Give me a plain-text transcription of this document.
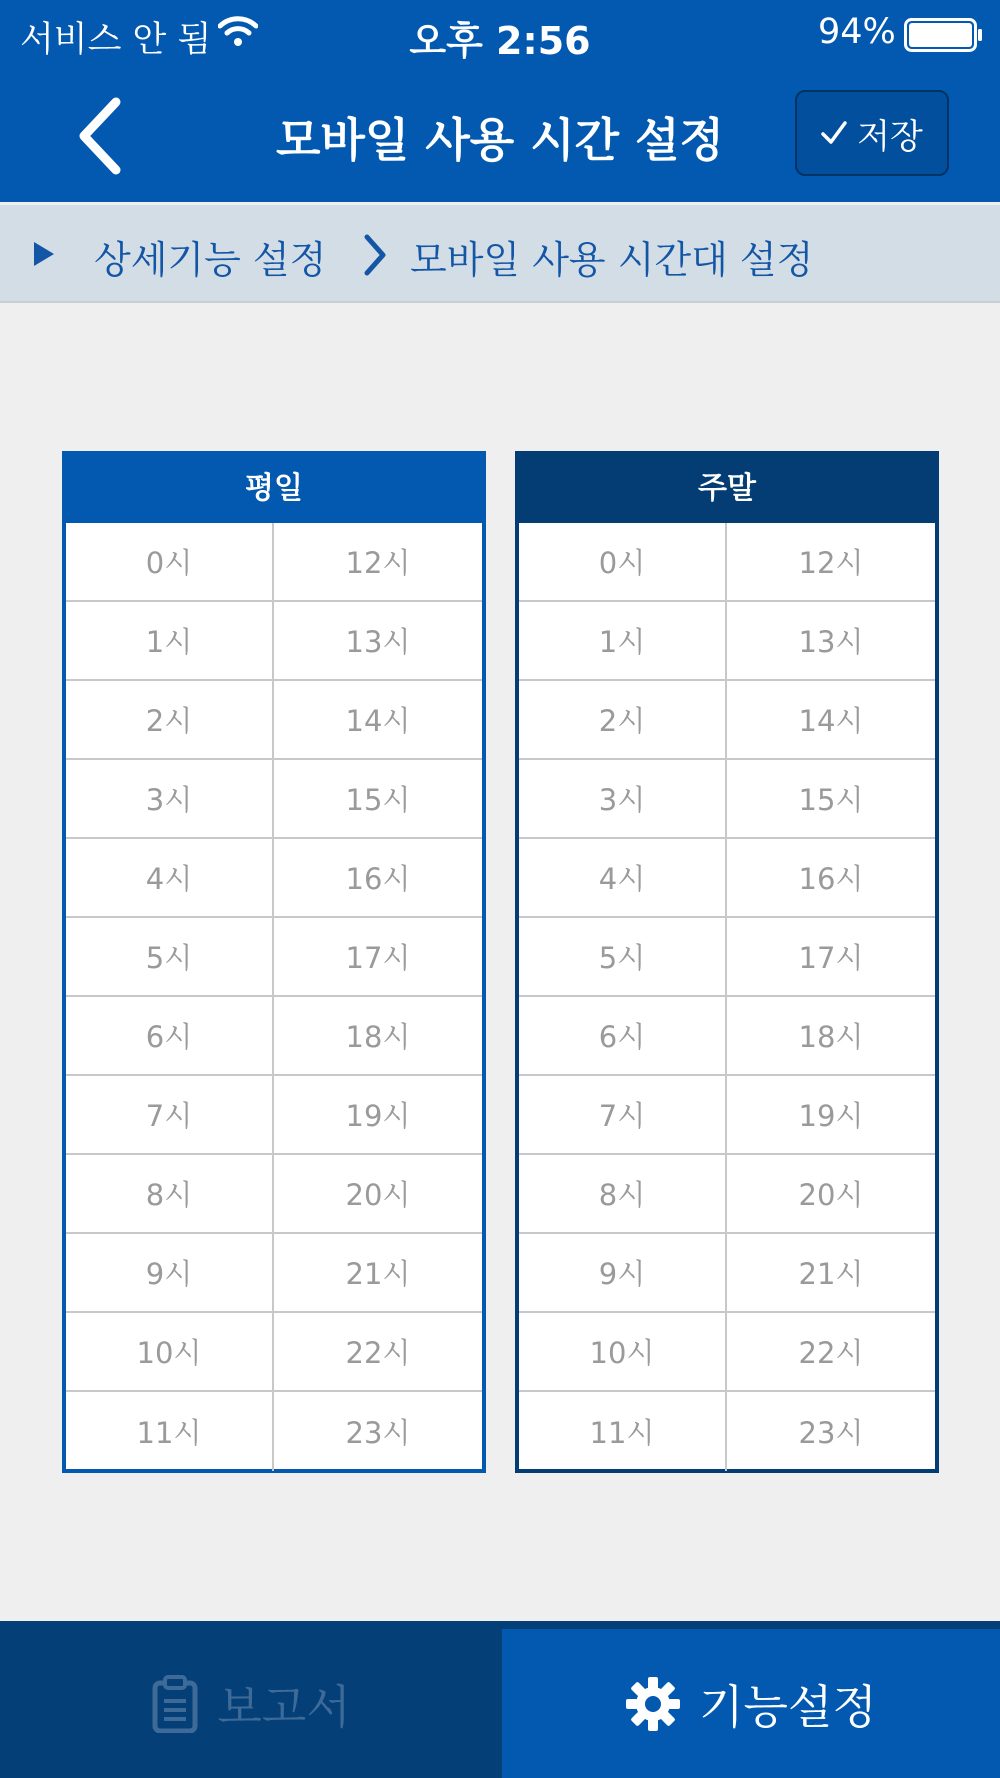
서비스 안 됨	오후 2:56	94%
모바일 사용 시간 설정	저장
상세기능 설정 모바일 사용 시간대 설정
평일
0시	12시
1시	13시
2시	14시
3시	15시
4시	16시
5시	17시
6시	18시
7시	19시
8시	20시
9시	21시
10시	22시
11시	23시
주말
0시	12시
1시	13시
2시	14시
3시	15시
4시	16시
5시	17시
6시	18시
7시	19시
8시	20시
9시	21시
10시	22시
11시	23시
보고서	기능설정
